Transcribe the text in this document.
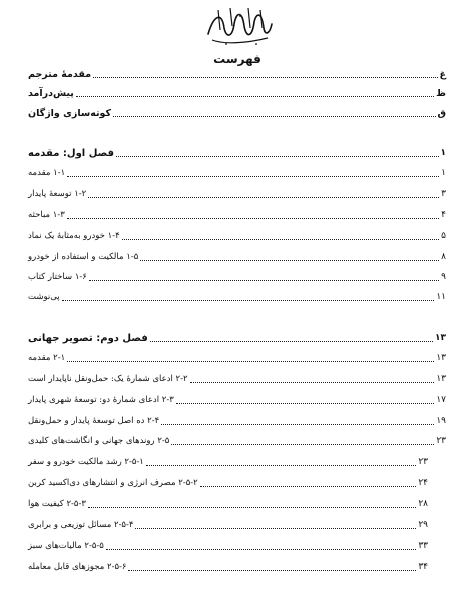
فهرست
مقدمهٔ مترجم	غ
پیش‌درآمد	ظ
کوته‌سازی واژگان	ق
فصل اول: مقدمه	۱
۱-۱ مقدمه	۱
۱-۲ توسعهٔ پایدار	۳
۱-۳ مباحثه	۴
۱-۴ خودرو به‌مثابهٔ یک نماد	۵
۱-۵ مالکیت و استفاده از خودرو	۸
۱-۶ ساختار کتاب	۹
پی‌نوشت	۱۱
فصل دوم: تصویر جهانی	۱۳
۲-۱ مقدمه	۱۳
۲-۲ ادعای شمارهٔ یک: حمل‌ونقل ناپایدار است	۱۳
۲-۳ ادعای شمارهٔ دو: توسعهٔ شهری پایدار	۱۷
۲-۴ ده اصل توسعهٔ پایدار و حمل‌ونقل	۱۹
۲-۵ روندهای جهانی و انگاشت‌های کلیدی	۲۳
۲-۵-۱ رشد مالکیت خودرو و سفر	۲۳
۲-۵-۲ مصرف انرژی و انتشارهای دی‌اکسید کربن	۲۴
۲-۵-۳ کیفیت هوا	۲۸
۲-۵-۴ مسائل توزیعی و برابری	۲۹
۲-۵-۵ مالیات‌های سبز	۳۳
۲-۵-۶ مجوزهای قابل معامله	۳۴
